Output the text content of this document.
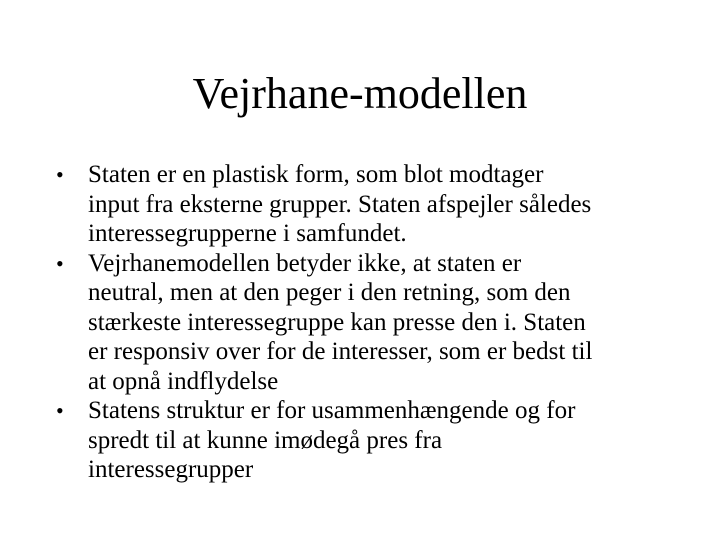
Vejrhane-modellen
• Staten er en plastisk form, som blot modtager
input fra eksterne grupper. Staten afspejler således
interessegrupperne i samfundet.
• Vejrhanemodellen betyder ikke, at staten er
neutral, men at den peger i den retning, som den
stærkeste interessegruppe kan presse den i. Staten
er responsiv over for de interesser, som er bedst til
at opnå indflydelse
• Statens struktur er for usammenhængende og for
spredt til at kunne imødegå pres fra
interessegrupper
